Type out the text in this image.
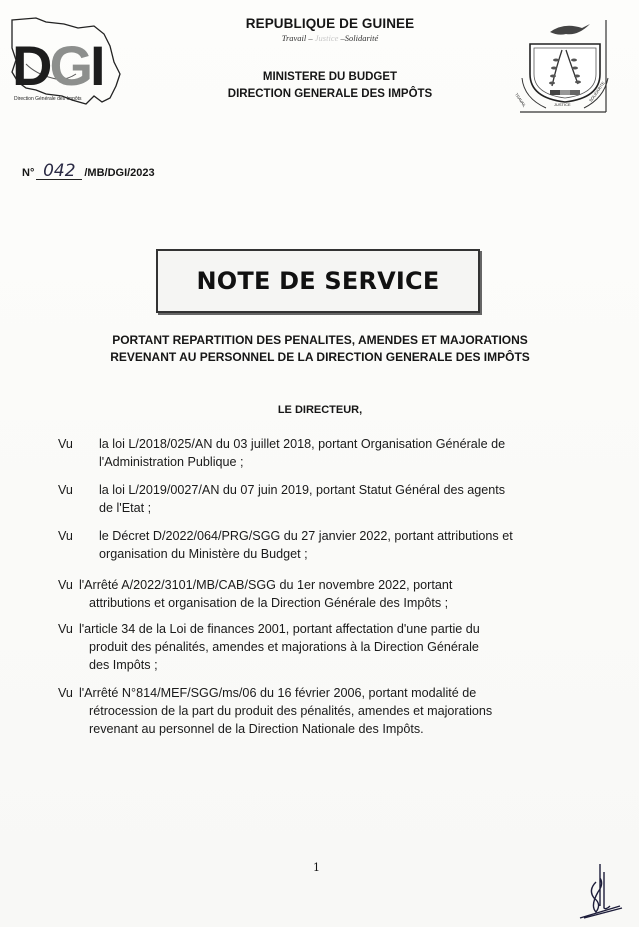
DGI
Direction Générale des Impôts
REPUBLIQUE DE GUINEE
Travail – Justice –Solidarité
MINISTERE DU BUDGET
DIRECTION GENERALE DES IMPÔTS	TRAVAIL	JUSTICE
SOLIDARITE
N° 042 /MB/DGI/2023
NOTE DE SERVICE
PORTANT REPARTITION DES PENALITES, AMENDES ET MAJORATIONS
REVENANT AU PERSONNEL DE LA DIRECTION GENERALE DES IMPÔTS
LE DIRECTEUR,
Vu	la loi L/2018/025/AN du 03 juillet 2018, portant Organisation Générale de
l'Administration Publique ;
Vu	la loi L/2019/0027/AN du 07 juin 2019, portant Statut Général des agents
de l'Etat ;
Vu	le Décret D/2022/064/PRG/SGG du 27 janvier 2022, portant attributions et
organisation du Ministère du Budget ;
Vu l'Arrêté A/2022/3101/MB/CAB/SGG du 1er novembre 2022, portant
attributions et organisation de la Direction Générale des Impôts ;
Vu l'article 34 de la Loi de finances 2001, portant affectation d'une partie du
produit des pénalités, amendes et majorations à la Direction Générale
des Impôts ;
Vu l'Arrêté N°814/MEF/SGG/ms/06 du 16 février 2006, portant modalité de
rétrocession de la part du produit des pénalités, amendes et majorations
revenant au personnel de la Direction Nationale des Impôts.
1
